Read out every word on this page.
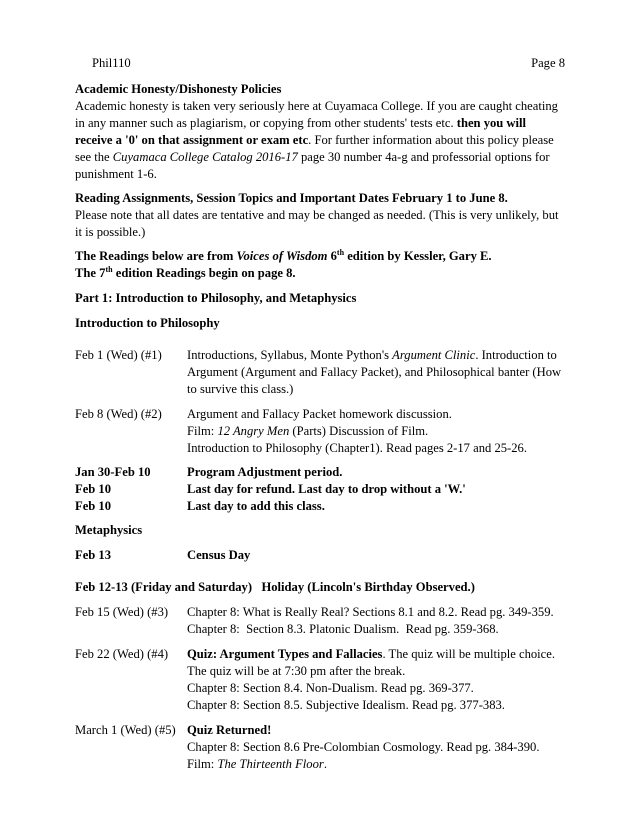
Phil110	Page 8
Academic Honesty/Dishonesty Policies
Academic honesty is taken very seriously here at Cuyamaca College. If you are caught cheating
in any manner such as plagiarism, or copying from other students' tests etc. then you will
receive a '0' on that assignment or exam etc. For further information about this policy please
see the Cuyamaca College Catalog 2016-17 page 30 number 4a-g and professorial options for
punishment 1-6.
Reading Assignments, Session Topics and Important Dates February 1 to June 8.
Please note that all dates are tentative and may be changed as needed. (This is very unlikely, but
it is possible.)
The Readings below are from Voices of Wisdom 6th edition by Kessler, Gary E.
The 7th edition Readings begin on page 8.
Part 1: Introduction to Philosophy, and Metaphysics
Introduction to Philosophy
Feb 1 (Wed) (#1) Introductions, Syllabus, Monte Python's Argument Clinic. Introduction to
Argument (Argument and Fallacy Packet), and Philosophical banter (How
to survive this class.)
Feb 8 (Wed) (#2) Argument and Fallacy Packet homework discussion.
Film: 12 Angry Men (Parts) Discussion of Film.
Introduction to Philosophy (Chapter1). Read pages 2-17 and 25-26.
Jan 30-Feb 10	Program Adjustment period.
Feb 10	Last day for refund. Last day to drop without a 'W.'
Feb 10	Last day to add this class.
Metaphysics
Feb 13	Census Day
Feb 12-13 (Friday and Saturday)   Holiday (Lincoln's Birthday Observed.)
Feb 15 (Wed) (#3) Chapter 8: What is Really Real? Sections 8.1 and 8.2. Read pg. 349-359.
Chapter 8:  Section 8.3. Platonic Dualism.  Read pg. 359-368.
Feb 22 (Wed) (#4) Quiz: Argument Types and Fallacies. The quiz will be multiple choice.
The quiz will be at 7:30 pm after the break.
Chapter 8: Section 8.4. Non-Dualism. Read pg. 369-377.
Chapter 8: Section 8.5. Subjective Idealism. Read pg. 377-383.
March 1 (Wed) (#5) Quiz Returned!
Chapter 8: Section 8.6 Pre-Colombian Cosmology. Read pg. 384-390.
Film: The Thirteenth Floor.
